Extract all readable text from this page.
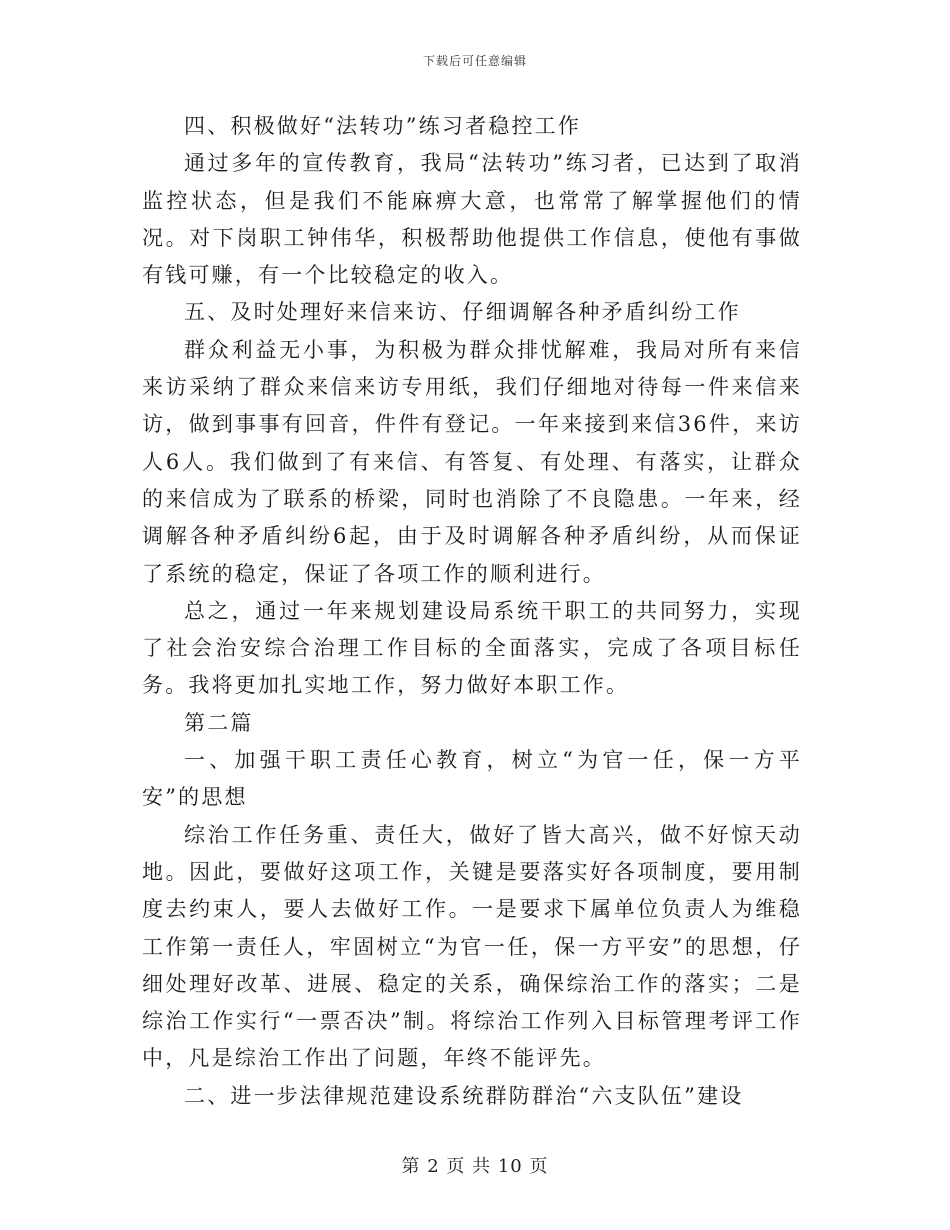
下载后可任意编辑

四、积极做好“法转功”练习者稳控工作

通过多年的宣传教育，我局“法转功”练习者，已达到了取消监控状态，但是我们不能麻痹大意，也常常了解掌握他们的情况。对下岗职工钟伟华，积极帮助他提供工作信息，使他有事做有钱可赚，有一个比较稳定的收入。

五、及时处理好来信来访、仔细调解各种矛盾纠纷工作

群众利益无小事，为积极为群众排忧解难，我局对所有来信来访采纳了群众来信来访专用纸，我们仔细地对待每一件来信来访，做到事事有回音，件件有登记。一年来接到来信36件，来访人6人。我们做到了有来信、有答复、有处理、有落实，让群众的来信成为了联系的桥梁，同时也消除了不良隐患。一年来，经调解各种矛盾纠纷6起，由于及时调解各种矛盾纠纷，从而保证了系统的稳定，保证了各项工作的顺利进行。

总之，通过一年来规划建设局系统干职工的共同努力，实现了社会治安综合治理工作目标的全面落实，完成了各项目标任务。我将更加扎实地工作，努力做好本职工作。

第二篇

一、加强干职工责任心教育，树立“为官一任，保一方平安”的思想

综治工作任务重、责任大，做好了皆大高兴，做不好惊天动地。因此，要做好这项工作，关键是要落实好各项制度，要用制度去约束人，要人去做好工作。一是要求下属单位负责人为维稳工作第一责任人，牢固树立“为官一任，保一方平安”的思想，仔细处理好改革、进展、稳定的关系，确保综治工作的落实；二是综治工作实行“一票否决”制。将综治工作列入目标管理考评工作中，凡是综治工作出了问题，年终不能评先。

二、进一步法律规范建设系统群防群治“六支队伍”建设

第 2 页 共 10 页
